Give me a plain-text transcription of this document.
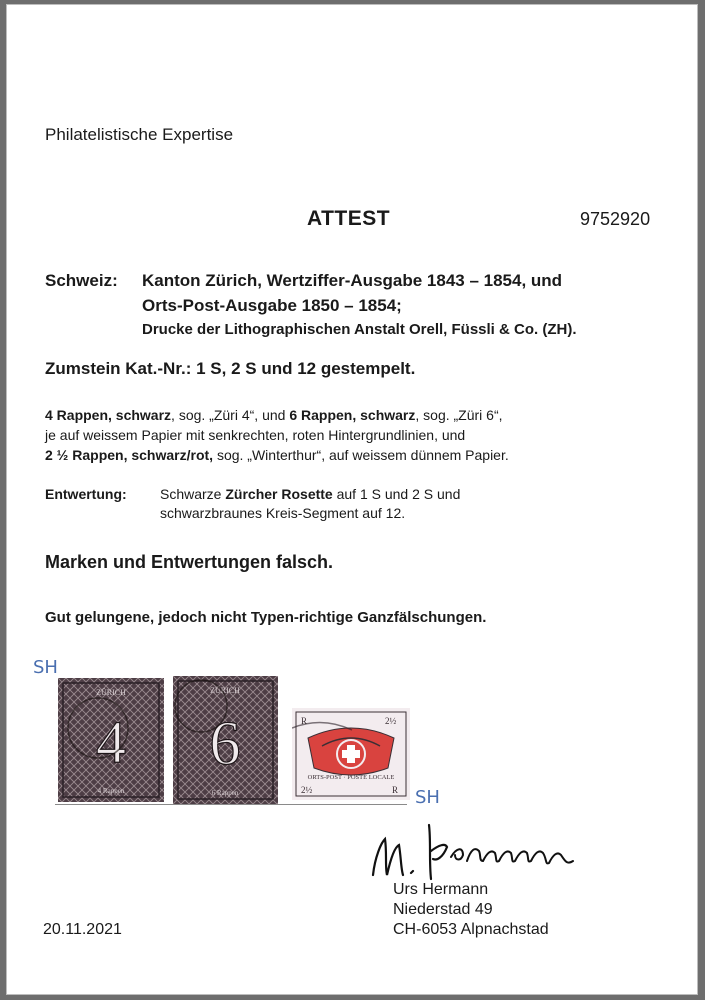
Philatelistische Expertise
ATTEST	9752920
Schweiz: Kanton Zürich, Wertziffer-Ausgabe 1843 – 1854, und
Orts-Post-Ausgabe 1850 – 1854;
Drucke der Lithographischen Anstalt Orell, Füssli & Co. (ZH).
Zumstein Kat.-Nr.: 1 S, 2 S und 12 gestempelt.
4 Rappen, schwarz, sog. „Züri 4“, und 6 Rappen, schwarz, sog. „Züri 6“,
je auf weissem Papier mit senkrechten, roten Hintergrundlinien, und
2 ½ Rappen, schwarz/rot, sog. „Winterthur“, auf weissem dünnem Papier.
Entwertung: Schwarze Zürcher Rosette auf 1 S und 2 S und
schwarzbraunes Kreis-Segment auf 12.
Marken und Entwertungen falsch.
Gut gelungene, jedoch nicht Typen-richtige Ganzfälschungen.
ЅΗ
ZÜRICH
4
4 Rappen
ZÜRICH
6
6 Rappen
R	2½
2½	R
ORTS-POST · POSTE LOCALE
ЅΗ
Urs Hermann
Niederstad 49
CH-6053 Alpnachstad
20.11.2021
